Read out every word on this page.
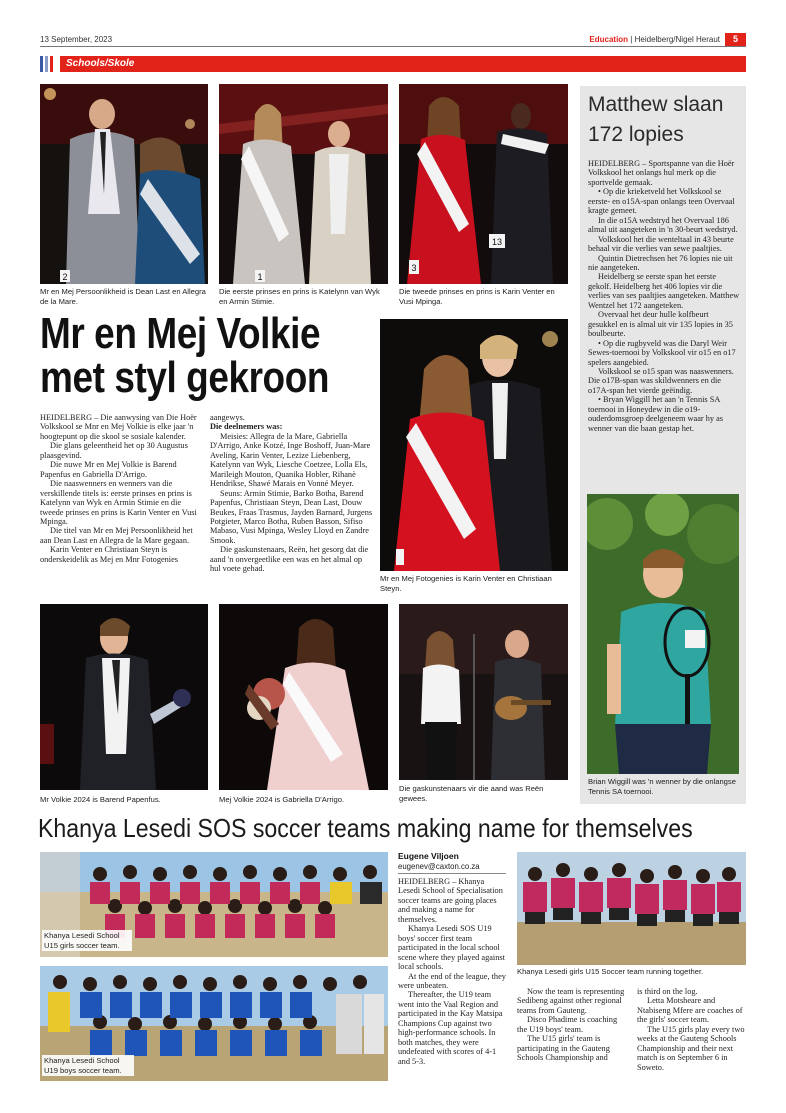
13 September, 2023	Education | Heidelberg/Nigel Heraut	5
Schools/Skole
2
Mr en Mej Persoonlikheid is Dean Last en Allegra de la Mare.
1
Die eerste prinses en prins is Katelynn van Wyk en Armin Stimie.
3
13
Die tweede prinses en prins is Karin Venter en Vusi Mpinga.
Mr en Mej Volkie
met styl gekroon

HEIDELBERG – Die aanwysing van Die Hoër Volkskool se Mnr en Mej Volkie is elke jaar 'n hoogtepunt op die skool se sosiale kalender.

Die glans geleentheid het op 30 Augustus plaasgevind.

Die nuwe Mr en Mej Volkie is Barend Papenfus en Gabriella D'Arrigo.

Die naaswenners en wenners van die verskillende titels is: eerste prinses en prins is Katelynn van Wyk en Armin Stimie en die tweede prinses en prins is Karin Venter en Vusi Mpinga.

Die titel van Mr en Mej Persoonlikheid het aan Dean Last en Allegra de la Mare gegaan.

Karin Venter en Christiaan Steyn is onderskeidelik as Mej en Mnr Fotogenies

aangewys.

Die deelnemers was:

Meisies: Allegra de la Mare, Gabriella D'Arrigo, Anke Kotzé, Inge Boshoff, Juan-Mare Aveling, Karin Venter, Lezize Liebenberg, Katelynn van Wyk, Liesche Coetzee, Lolla Els, Marileigh Mouton, Quanika Hobler, Rihanè Hendrikse, Shawé Marais en Vonné Meyer.

Seuns: Armin Stimie, Barko Botha, Barend Papenfus, Christiaan Steyn, Dean Last, Douw Beukes, Fraas Trasmus, Jayden Barnard, Jurgens Potgieter, Marco Botha, Ruben Basson, Sifiso Mabaso, Vusi Mpinga, Wesley Lloyd en Zandre Smook.

Die gaskunstenaars, Reën, het gesorg dat die aand 'n onvergeetlike een was en het almal op hul voete gehad.

Mr en Mej Fotogenies is Karin Venter en Christiaan Steyn.
Mr Volkie 2024 is Barend Papenfus.	Mej Volkie 2024 is Gabriella D'Arrigo.
Die gaskunstenaars vir die aand was Reën gewees.
Matthew slaan
172 lopies

HEIDELBERG – Sportspanne van die Hoër Volkskool het onlangs hul merk op die sportvelde gemaak.

• Op die krieketveld het Volkskool se eerste- en o15A-span onlangs teen Overvaal kragte gemeet.

In die o15A wedstryd het Overvaal 186 almal uit aangeteken in 'n 30-beurt wedstryd.

Volkskool het die wenteltaal in 43 beurte behaal vir die verlies van sewe paaltjies.

Quintin Dietrechsen het 76 lopies nie uit nie aangeteken.

Heidelberg se eerste span het eerste gekolf. Heidelberg het 406 lopies vir die verlies van ses paaltjies aangeteken. Matthew Wentzel het 172 aangeteken.

Overvaal het deur hulle kolfbeurt gesukkel en is almal uit vir 135 lopies in 35 boulbeurte.

• Op die rugbyveld was die Daryl Weir Sewes-toernooi by Volkskool vir o15 en o17 spelers aangebied.

Volkskool se o15 span was naaswenners. Die o17B-span was skildwenners en die o17A-span het vierde geëindig.

• Bryan Wiggill het aan 'n Tennis SA toernooi in Honeydew in die o19-ouderdomsgroep deelgeneem waar hy as wenner van die baan gestap het.

Brian Wiggill was 'n wenner by die onlangse Tennis SA toernooi.
Khanya Lesedi SOS soccer teams making name for themselves
Khanya Lesedi School U15 girls soccer team.
Khanya Lesedi School U19 boys soccer team.
Khanya Lesedi girls U15 Soccer team running together.
Eugene Viljoen
eugenev@caxton.co.za

HEIDELBERG – Khanya Lesedi School of Specialisation soccer teams are going places and making a name for themselves.

Khanya Lesedi SOS U19 boys' soccer first team participated in the local school scene where they played against local schools.

At the end of the league, they were unbeaten.

Thereafter, the U19 team went into the Vaal Region and participated in the Kay Matsipa Champions Cup against two high-performance schools. In both matches, they were undefeated with scores of 4-1 and 5-3.

Now the team is representing Sedibeng against other regional teams from Gauteng.

Disco Phadime is coaching the U19 boys' team.

The U15 girls' team is participating in the Gauteng Schools Championship and

is third on the log.

Letta Motsheare and Ntabiseng Mfere are coaches of the girls' soccer team.

The U15 girls play every two weeks at the Gauteng Schools Championship and their next match is on September 6 in Soweto.
